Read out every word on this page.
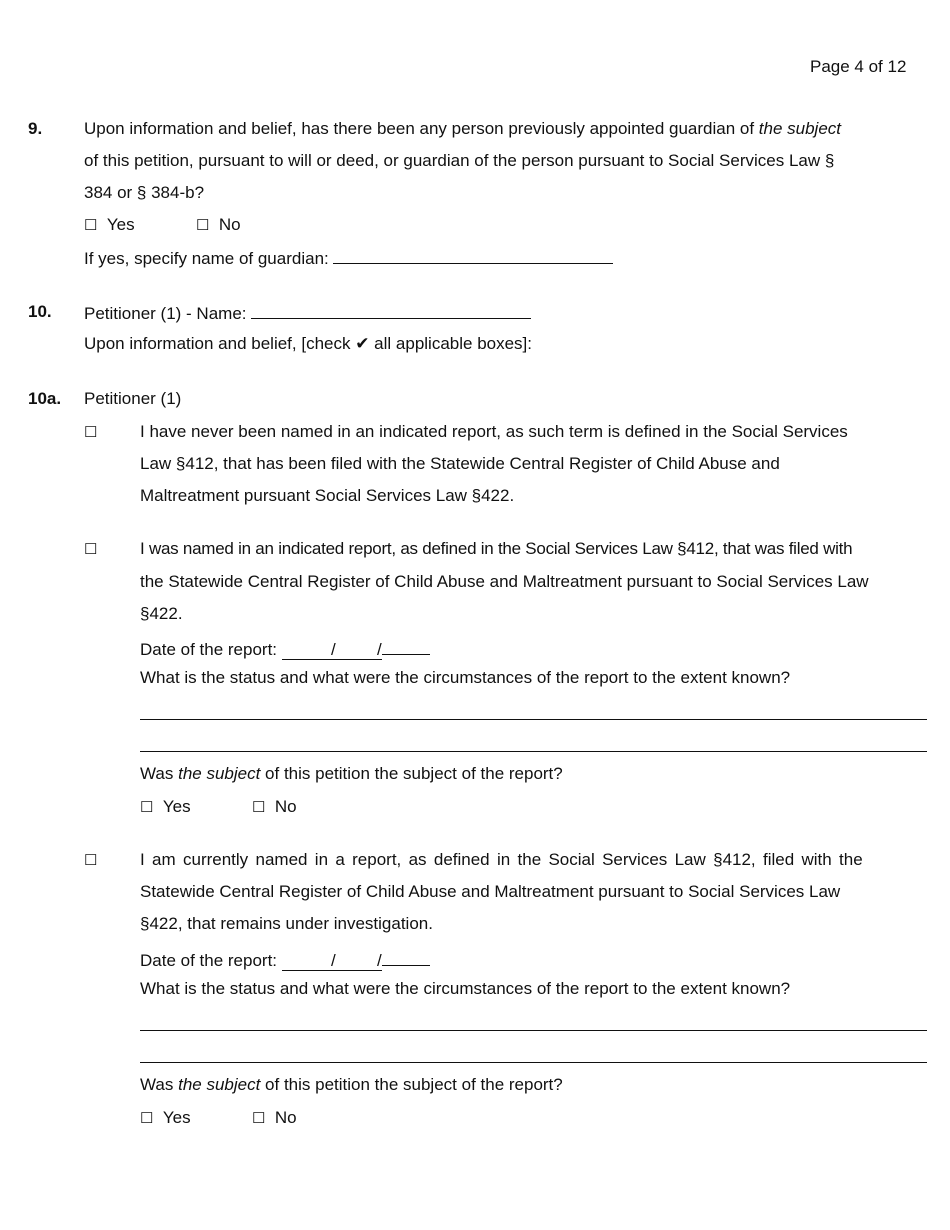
Page 4 of 12
9. Upon information and belief, has there been any person previously appointed guardian of the subject
of this petition, pursuant to will or deed, or guardian of the person pursuant to Social Services Law §
384 or § 384-b?
☐ Yes	☐ No
If yes, specify name of guardian:
10. Petitioner (1) - Name:
Upon information and belief, [check ✔ all applicable boxes]:
10a. Petitioner (1)
☐	I have never been named in an indicated report, as such term is defined in the Social Services
Law §412, that has been filed with the Statewide Central Register of Child Abuse and
Maltreatment pursuant Social Services Law §422.
☐	I was named in an indicated report, as defined in the Social Services Law §412, that was filed with
the Statewide Central Register of Child Abuse and Maltreatment pursuant to Social Services Law
§422.
Date of the report:	/ /
What is the status and what were the circumstances of the report to the extent known?
Was the subject of this petition the subject of the report?
☐ Yes	☐ No
☐	I am currently named in a report, as defined in the Social Services Law §412, filed with the
Statewide Central Register of Child Abuse and Maltreatment pursuant to Social Services Law
§422, that remains under investigation.
Date of the report:	/ /
What is the status and what were the circumstances of the report to the extent known?
Was the subject of this petition the subject of the report?
☐ Yes	☐ No
